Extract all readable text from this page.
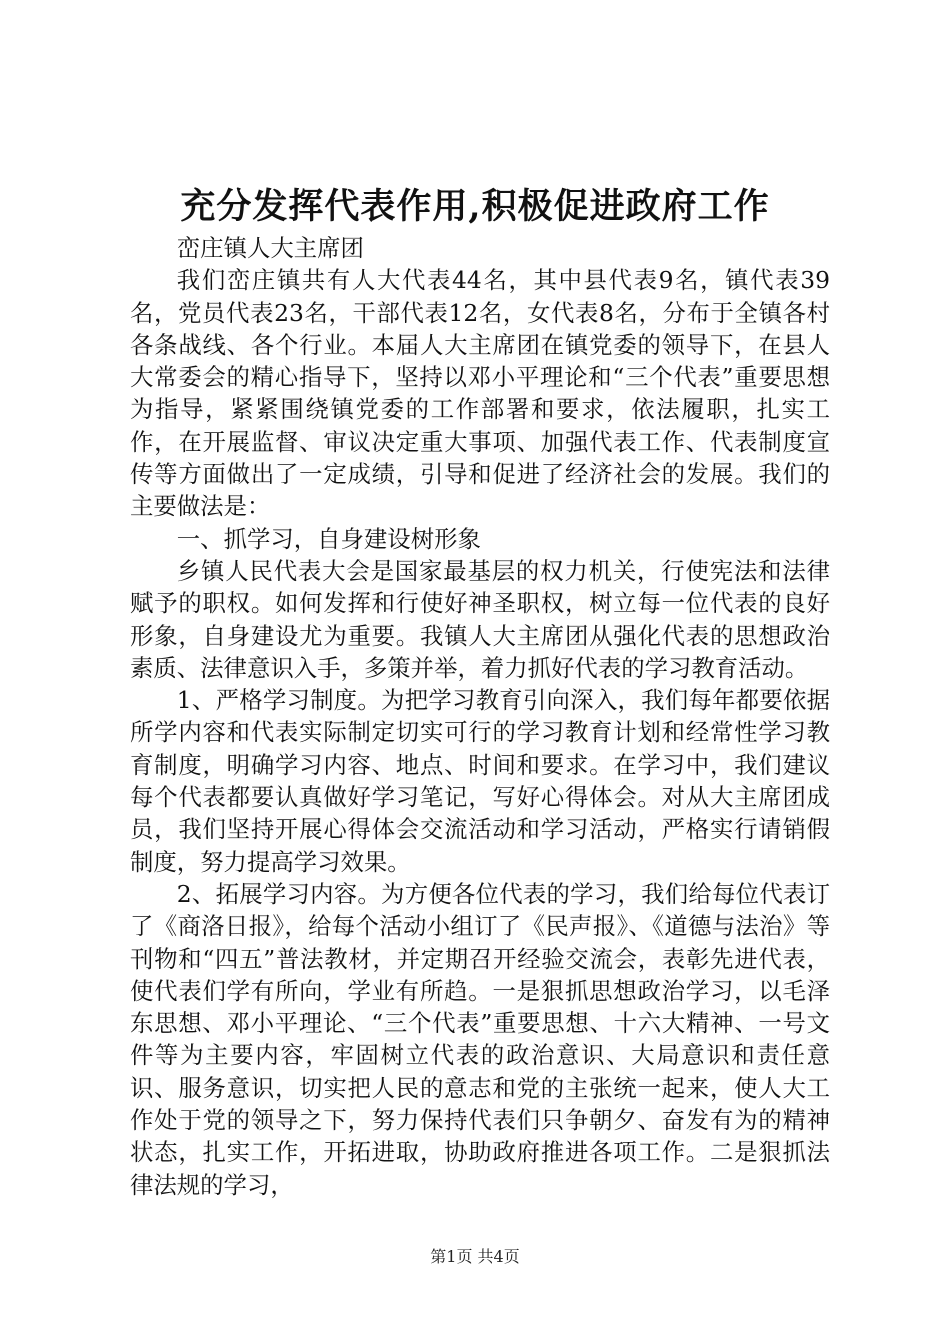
充分发挥代表作用,积极促进政府工作

峦庄镇人大主席团

我们峦庄镇共有人大代表44名，其中县代表9名，镇代表39名，党员代表23名，干部代表12名，女代表8名，分布于全镇各村各条战线、各个行业。本届人大主席团在镇党委的领导下，在县人大常委会的精心指导下，坚持以邓小平理论和“三个代表”重要思想为指导，紧紧围绕镇党委的工作部署和要求，依法履职，扎实工作，在开展监督、审议决定重大事项、加强代表工作、代表制度宣传等方面做出了一定成绩，引导和促进了经济社会的发展。我们的主要做法是：

一、抓学习，自身建设树形象

乡镇人民代表大会是国家最基层的权力机关，行使宪法和法律赋予的职权。如何发挥和行使好神圣职权，树立每一位代表的良好形象，自身建设尤为重要。我镇人大主席团从强化代表的思想政治素质、法律意识入手，多策并举，着力抓好代表的学习教育活动。

1、严格学习制度。为把学习教育引向深入，我们每年都要依据所学内容和代表实际制定切实可行的学习教育计划和经常性学习教育制度，明确学习内容、地点、时间和要求。在学习中，我们建议每个代表都要认真做好学习笔记，写好心得体会。对从大主席团成员，我们坚持开展心得体会交流活动和学习活动，严格实行请销假制度，努力提高学习效果。

2、拓展学习内容。为方便各位代表的学习，我们给每位代表订了《商洛日报》，给每个活动小组订了《民声报》、《道德与法治》等刊物和“四五”普法教材，并定期召开经验交流会，表彰先进代表，使代表们学有所向，学业有所趋。一是狠抓思想政治学习，以毛泽东思想、邓小平理论、“三个代表”重要思想、十六大精神、一号文件等为主要内容，牢固树立代表的政治意识、大局意识和责任意识、服务意识，切实把人民的意志和党的主张统一起来，使人大工作处于党的领导之下，努力保持代表们只争朝夕、奋发有为的精神状态，扎实工作，开拓进取，协助政府推进各项工作。二是狠抓法律法规的学习，

第1页 共4页
